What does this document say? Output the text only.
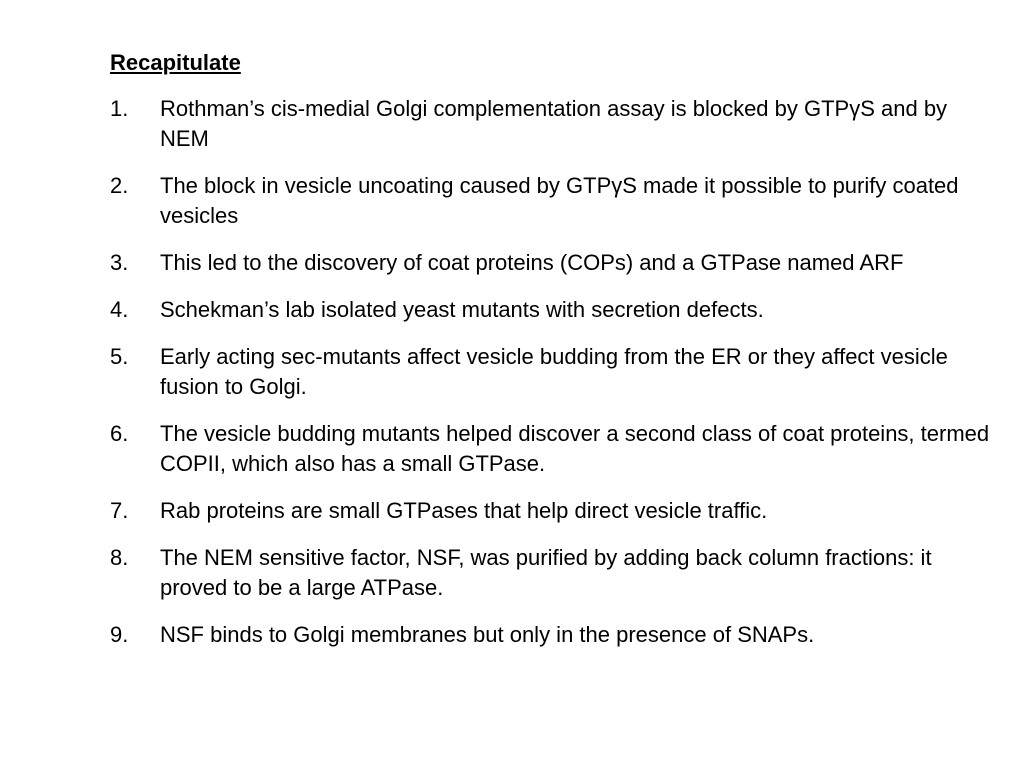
Recapitulate
1.	Rothman’s cis-medial Golgi complementation assay is blocked by GTPγS and by NEM
2.	The block in vesicle uncoating caused by GTPγS made it possible to purify coated vesicles
3.	This led to the discovery of coat proteins (COPs) and a GTPase named ARF
4.	Schekman’s lab isolated yeast mutants with secretion defects.
5.	Early acting sec-mutants affect vesicle budding from the ER or they affect vesicle fusion to Golgi.
6.	The vesicle budding mutants helped discover a second class of coat proteins, termed COPII, which also has a small GTPase.
7.	Rab proteins are small GTPases that help direct vesicle traffic.
8.	The NEM sensitive factor, NSF, was purified by adding back column fractions: it proved to be a large ATPase.
9.	NSF binds to Golgi membranes but only in the presence of SNAPs.
